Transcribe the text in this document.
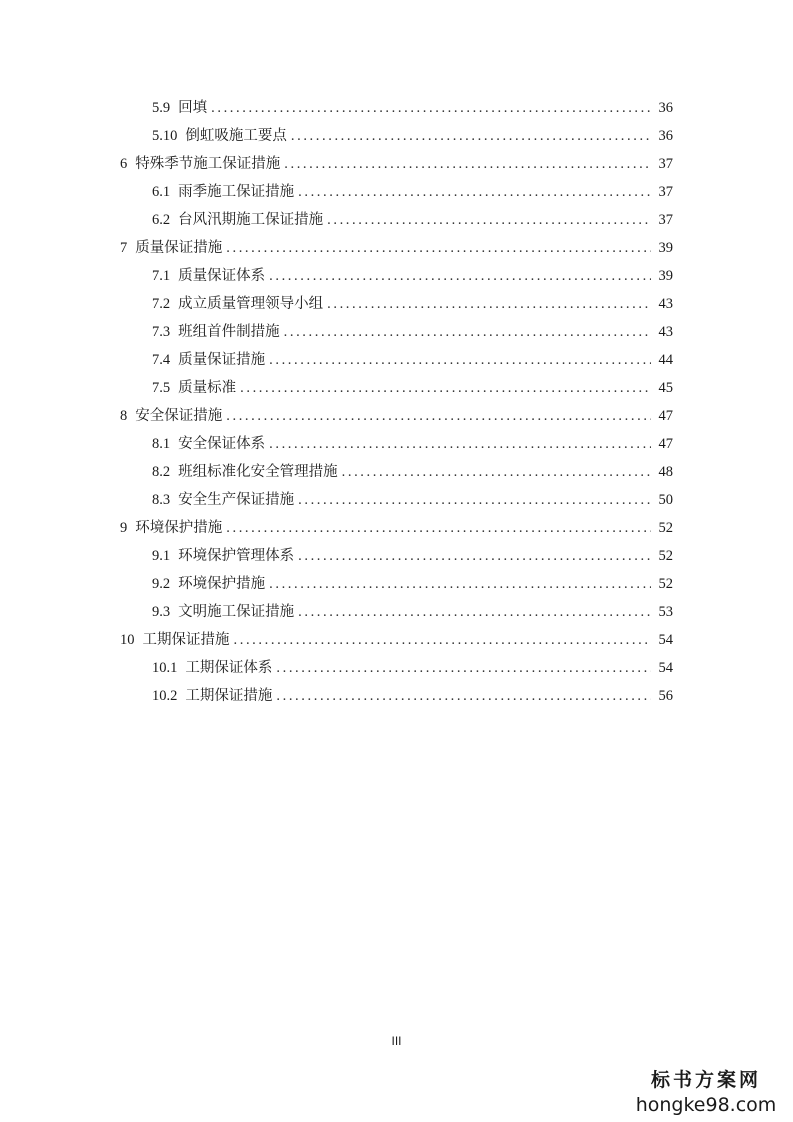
5.9 回填 .....	36
5.10 倒虹吸施工要点 .....	36
6 特殊季节施工保证措施 .....	37
6.1 雨季施工保证措施 .....	37
6.2 台风汛期施工保证措施 .....	37
7 质量保证措施 .....	39
7.1 质量保证体系 .....	39
7.2 成立质量管理领导小组 .....	43
7.3 班组首件制措施 .....	43
7.4 质量保证措施 .....	44
7.5 质量标准 .....	45
8 安全保证措施 .....	47
8.1 安全保证体系 .....	47
8.2 班组标准化安全管理措施 .....	48
8.3 安全生产保证措施 .....	50
9 环境保护措施 .....	52
9.1 环境保护管理体系 .....	52
9.2 环境保护措施 .....	52
9.3 文明施工保证措施 .....	53
10 工期保证措施 .....	54
10.1 工期保证体系 .....	54
10.2 工期保证措施 .....	56
III
标书方案网
hongke98.com
